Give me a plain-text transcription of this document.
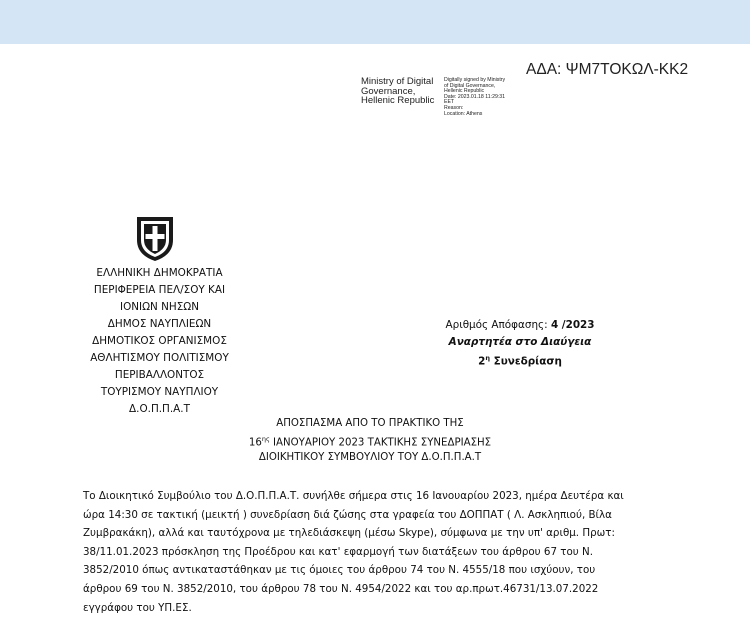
ΑΔΑ: ΨΜ7ΤΟΚΩΛ-ΚΚ2
Ministry of Digital
Governance,
Hellenic Republic
Digitally signed by Ministry
of Digital Governance,
Hellenic Republic
Date: 2023.01.18 11:29:31
EET
Reason:
Location: Athens
ΕΛΛΗΝΙΚΗ ΔΗΜΟΚΡΑΤΙΑ
ΠΕΡΙΦΕΡΕΙΑ ΠΕΛ/ΣΟΥ ΚΑΙ
ΙΟΝΙΩΝ ΝΗΣΩΝ
ΔΗΜΟΣ ΝΑΥΠΛΙΕΩΝ
ΔΗΜΟΤΙΚΟΣ ΟΡΓΑΝΙΣΜΟΣ
ΑΘΛΗΤΙΣΜΟΥ ΠΟΛΙΤΙΣΜΟΥ
ΠΕΡΙΒΑΛΛΟΝΤΟΣ
ΤΟΥΡΙΣΜΟΥ ΝΑΥΠΛΙΟΥ
Δ.Ο.Π.Π.Α.Τ
Αριθμός Απόφασης: 4 /2023
Αναρτητέα στο Διαύγεια
$2^\eta$ Συνεδρίαση
ΑΠΟΣΠΑΣΜΑ ΑΠΟ ΤΟ ΠΡΑΚΤΙΚΟ ΤΗΣ
$16^{\eta\varsigma}$ ΙΑΝΟΥΑΡΙΟΥ 2023 ΤΑΚΤΙΚΗΣ ΣΥΝΕΔΡΙΑΣΗΣ
ΔΙΟΙΚΗΤΙΚΟΥ ΣΥΜΒΟΥΛΙΟΥ ΤΟΥ Δ.Ο.Π.Π.Α.Τ
Το Διοικητικό Συμβούλιο του Δ.Ο.Π.Π.Α.Τ. συνήλθε σήμερα στις 16 Ιανουαρίου 2023, ημέρα Δευτέρα και
ώρα 14:30 σε τακτική (μεικτή ) συνεδρίαση διά ζώσης στα γραφεία του ΔΟΠΠΑΤ ( Λ. Ασκληπιού, Βίλα
Ζυμβρακάκη), αλλά και ταυτόχρονα με τηλεδιάσκεψη (μέσω Skype), σύμφωνα με την υπ' αριθμ. Πρωτ:
38/11.01.2023 πρόσκληση της Προέδρου και κατ' εφαρμογή των διατάξεων του άρθρου 67 του Ν.
3852/2010 όπως αντικαταστάθηκαν με τις όμοιες του άρθρου 74 του Ν. 4555/18 που ισχύουν, του
άρθρου 69 του Ν. 3852/2010, του άρθρου 78 του Ν. 4954/2022 και του αρ.πρωτ.46731/13.07.2022
εγγράφου του ΥΠ.ΕΣ.
